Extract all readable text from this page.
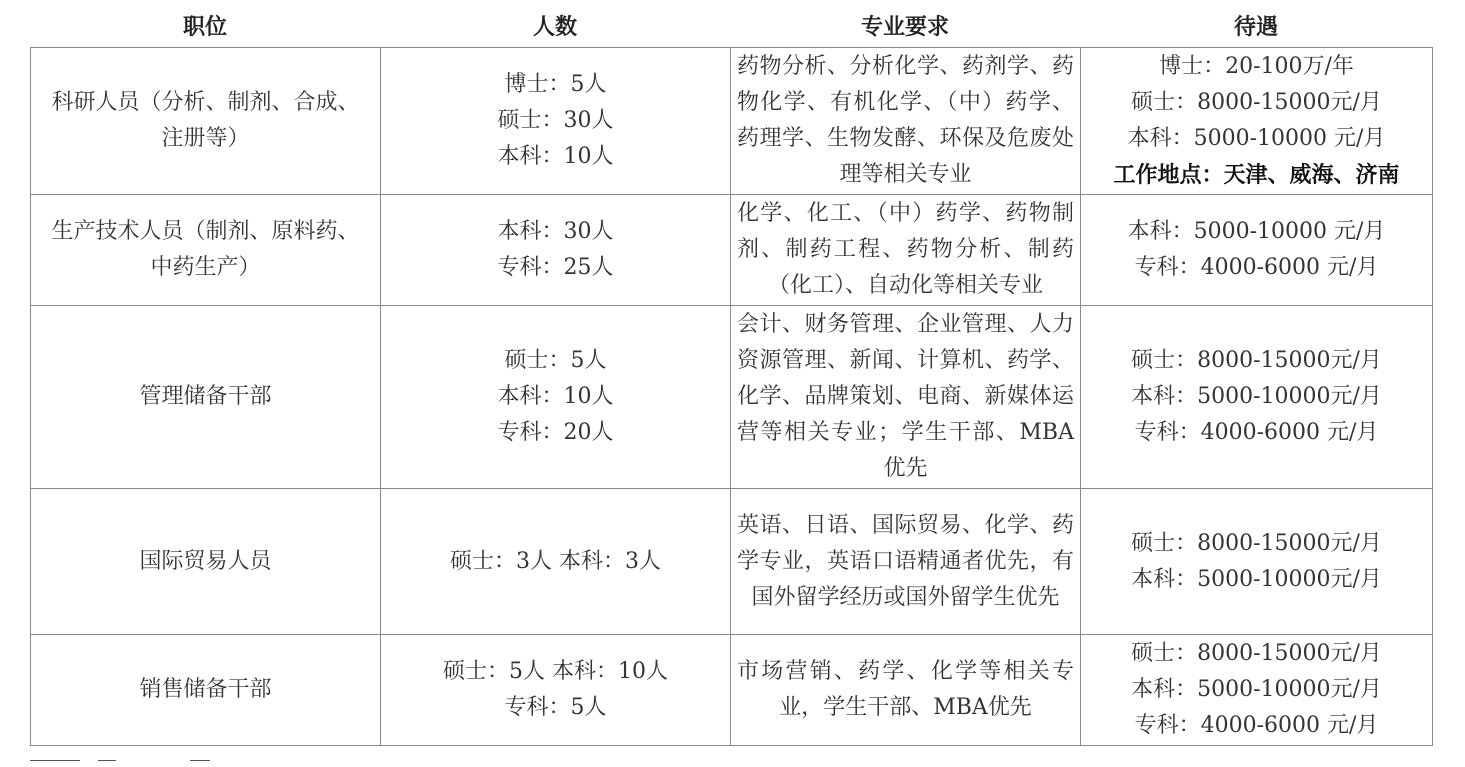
职位	人数	专业要求	待遇
科研人员（分析、制剂、合成、
注册等）	博士：5人
硕士：30人
本科：10人	药物分析、分析化学、药剂学、药物化学、有机化学、（中）药学、药理学、生物发酵、环保及危废处理等相关专业	博士：20-100万/年
硕士：8000-15000元/月
本科：5000-10000 元/月
工作地点：天津、威海、济南

生产技术人员（制剂、原料药、
中药生产）	本科：30人
专科：25人	化学、化工、（中）药学、药物制剂、制药工程、药物分析、制药（化工）、自动化等相关专业	本科：5000-10000 元/月
专科：4000-6000 元/月

管理储备干部	硕士：5人
本科：10人
专科：20人	会计、财务管理、企业管理、人力资源管理、新闻、计算机、药学、化学、品牌策划、电商、新媒体运营等相关专业；学生干部、MBA优先	硕士：8000-15000元/月
本科：5000-10000元/月
专科：4000-6000 元/月

国际贸易人员	硕士：3人 本科：3人	英语、日语、国际贸易、化学、药学专业，英语口语精通者优先，有国外留学经历或国外留学生优先	硕士：8000-15000元/月
本科：5000-10000元/月

销售储备干部	硕士：5人 本科：10人
专科：5人	市场营销、药学、化学等相关专业，学生干部、MBA优先	硕士：8000-15000元/月
本科：5000-10000元/月
专科：4000-6000 元/月
